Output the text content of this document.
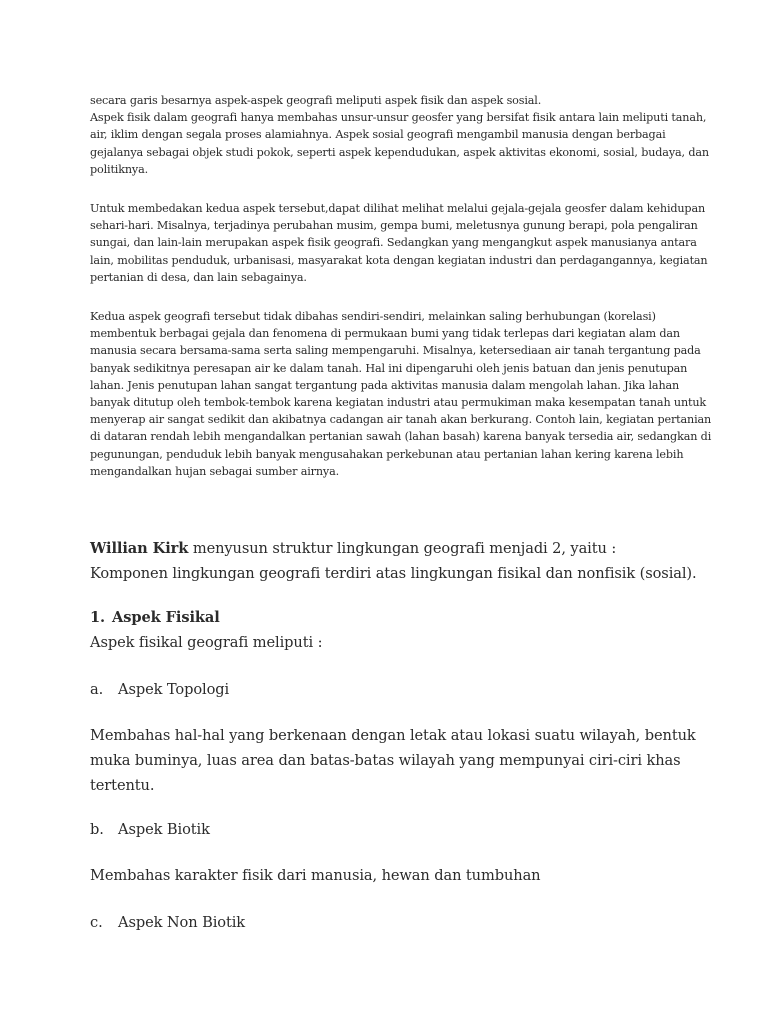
secara garis besarnya aspek-aspek geografi meliputi aspek fisik dan aspek sosial.
Aspek fisik dalam geografi hanya membahas unsur-unsur geosfer yang bersifat fisik antara lain meliputi tanah,
air, iklim dengan segala proses alamiahnya. Aspek sosial geografi mengambil manusia dengan berbagai
gejalanya sebagai objek studi pokok, seperti aspek kependudukan, aspek aktivitas ekonomi, sosial, budaya, dan
politiknya.

Untuk membedakan kedua aspek tersebut,dapat dilihat melihat melalui gejala-gejala geosfer dalam kehidupan
sehari-hari. Misalnya, terjadinya perubahan musim, gempa bumi, meletusnya gunung berapi, pola pengaliran
sungai, dan lain-lain merupakan aspek fisik geografi. Sedangkan yang mengangkut aspek manusianya antara
lain, mobilitas penduduk, urbanisasi, masyarakat kota dengan kegiatan industri dan perdagangannya, kegiatan
pertanian di desa, dan lain sebagainya.

Kedua aspek geografi tersebut tidak dibahas sendiri-sendiri, melainkan saling berhubungan (korelasi)
membentuk berbagai gejala dan fenomena di permukaan bumi yang tidak terlepas dari kegiatan alam dan
manusia secara bersama-sama serta saling mempengaruhi. Misalnya, ketersediaan air tanah tergantung pada
banyak sedikitnya peresapan air ke dalam tanah. Hal ini dipengaruhi oleh jenis batuan dan jenis penutupan
lahan. Jenis penutupan lahan sangat tergantung pada aktivitas manusia dalam mengolah lahan. Jika lahan
banyak ditutup oleh tembok-tembok karena kegiatan industri atau permukiman maka kesempatan tanah untuk
menyerap air sangat sedikit dan akibatnya cadangan air tanah akan berkurang. Contoh lain, kegiatan pertanian
di dataran rendah lebih mengandalkan pertanian sawah (lahan basah) karena banyak tersedia air, sedangkan di
pegunungan, penduduk lebih banyak mengusahakan perkebunan atau pertanian lahan kering karena lebih
mengandalkan hujan sebagai sumber airnya.

Willian Kirk menyusun struktur lingkungan geografi menjadi 2, yaitu :
Komponen lingkungan geografi terdiri atas lingkungan fisikal dan nonfisik (sosial).
1. Aspek Fisikal
Aspek fisikal geografi meliputi :
a. Aspek Topologi
Membahas hal-hal yang berkenaan dengan letak atau lokasi suatu wilayah, bentuk
muka buminya, luas area dan batas-batas wilayah yang mempunyai ciri-ciri khas
tertentu.
b. Aspek Biotik
Membahas karakter fisik dari manusia, hewan dan tumbuhan
c. Aspek Non Biotik
